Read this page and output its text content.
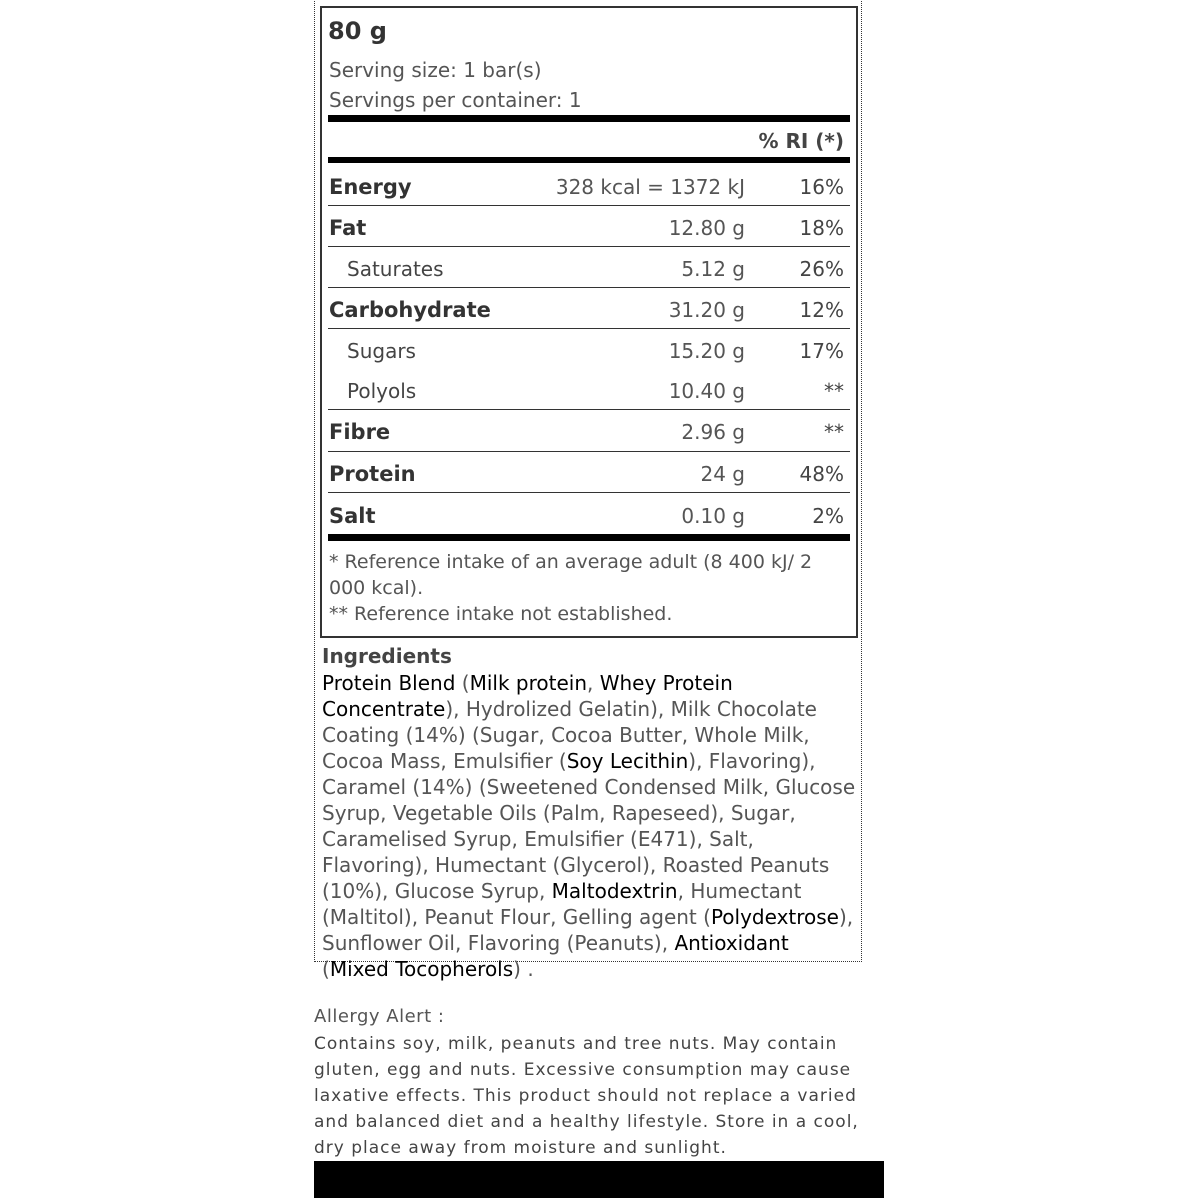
80 g
Serving size: 1 bar(s)
Servings per container: 1
% RI (*)
Energy	328 kcal = 1372 kJ	16%
Fat	12.80 g	18%
Saturates	5.12 g	26%
Carbohydrate	31.20 g	12%
Sugars	15.20 g	17%
Polyols	10.40 g	**
Fibre	2.96 g	**
Protein	24 g	48%
Salt	0.10 g	2%
* Reference intake of an average adult (8 400 kJ/ 2
000 kcal).
** Reference intake not established.
Ingredients
Protein Blend (Milk protein, Whey Protein Concentrate), Hydrolized Gelatin), Milk Chocolate Coating (14%) (Sugar, Cocoa Butter, Whole Milk, Cocoa Mass, Emulsifier (Soy Lecithin), Flavoring), Caramel (14%) (Sweetened Condensed Milk, Glucose Syrup, Vegetable Oils (Palm, Rapeseed), Sugar, Caramelised Syrup, Emulsifier (E471), Salt, Flavoring), Humectant (Glycerol), Roasted Peanuts (10%), Glucose Syrup, Maltodextrin, Humectant (Maltitol), Peanut Flour, Gelling agent (Polydextrose), Sunflower Oil, Flavoring (Peanuts), Antioxidant (Mixed Tocopherols) .
Allergy Alert :
Contains soy, milk, peanuts and tree nuts. May contain gluten, egg and nuts. Excessive consumption may cause laxative effects. This product should not replace a varied and balanced diet and a healthy lifestyle. Store in a cool, dry place away from moisture and sunlight.
